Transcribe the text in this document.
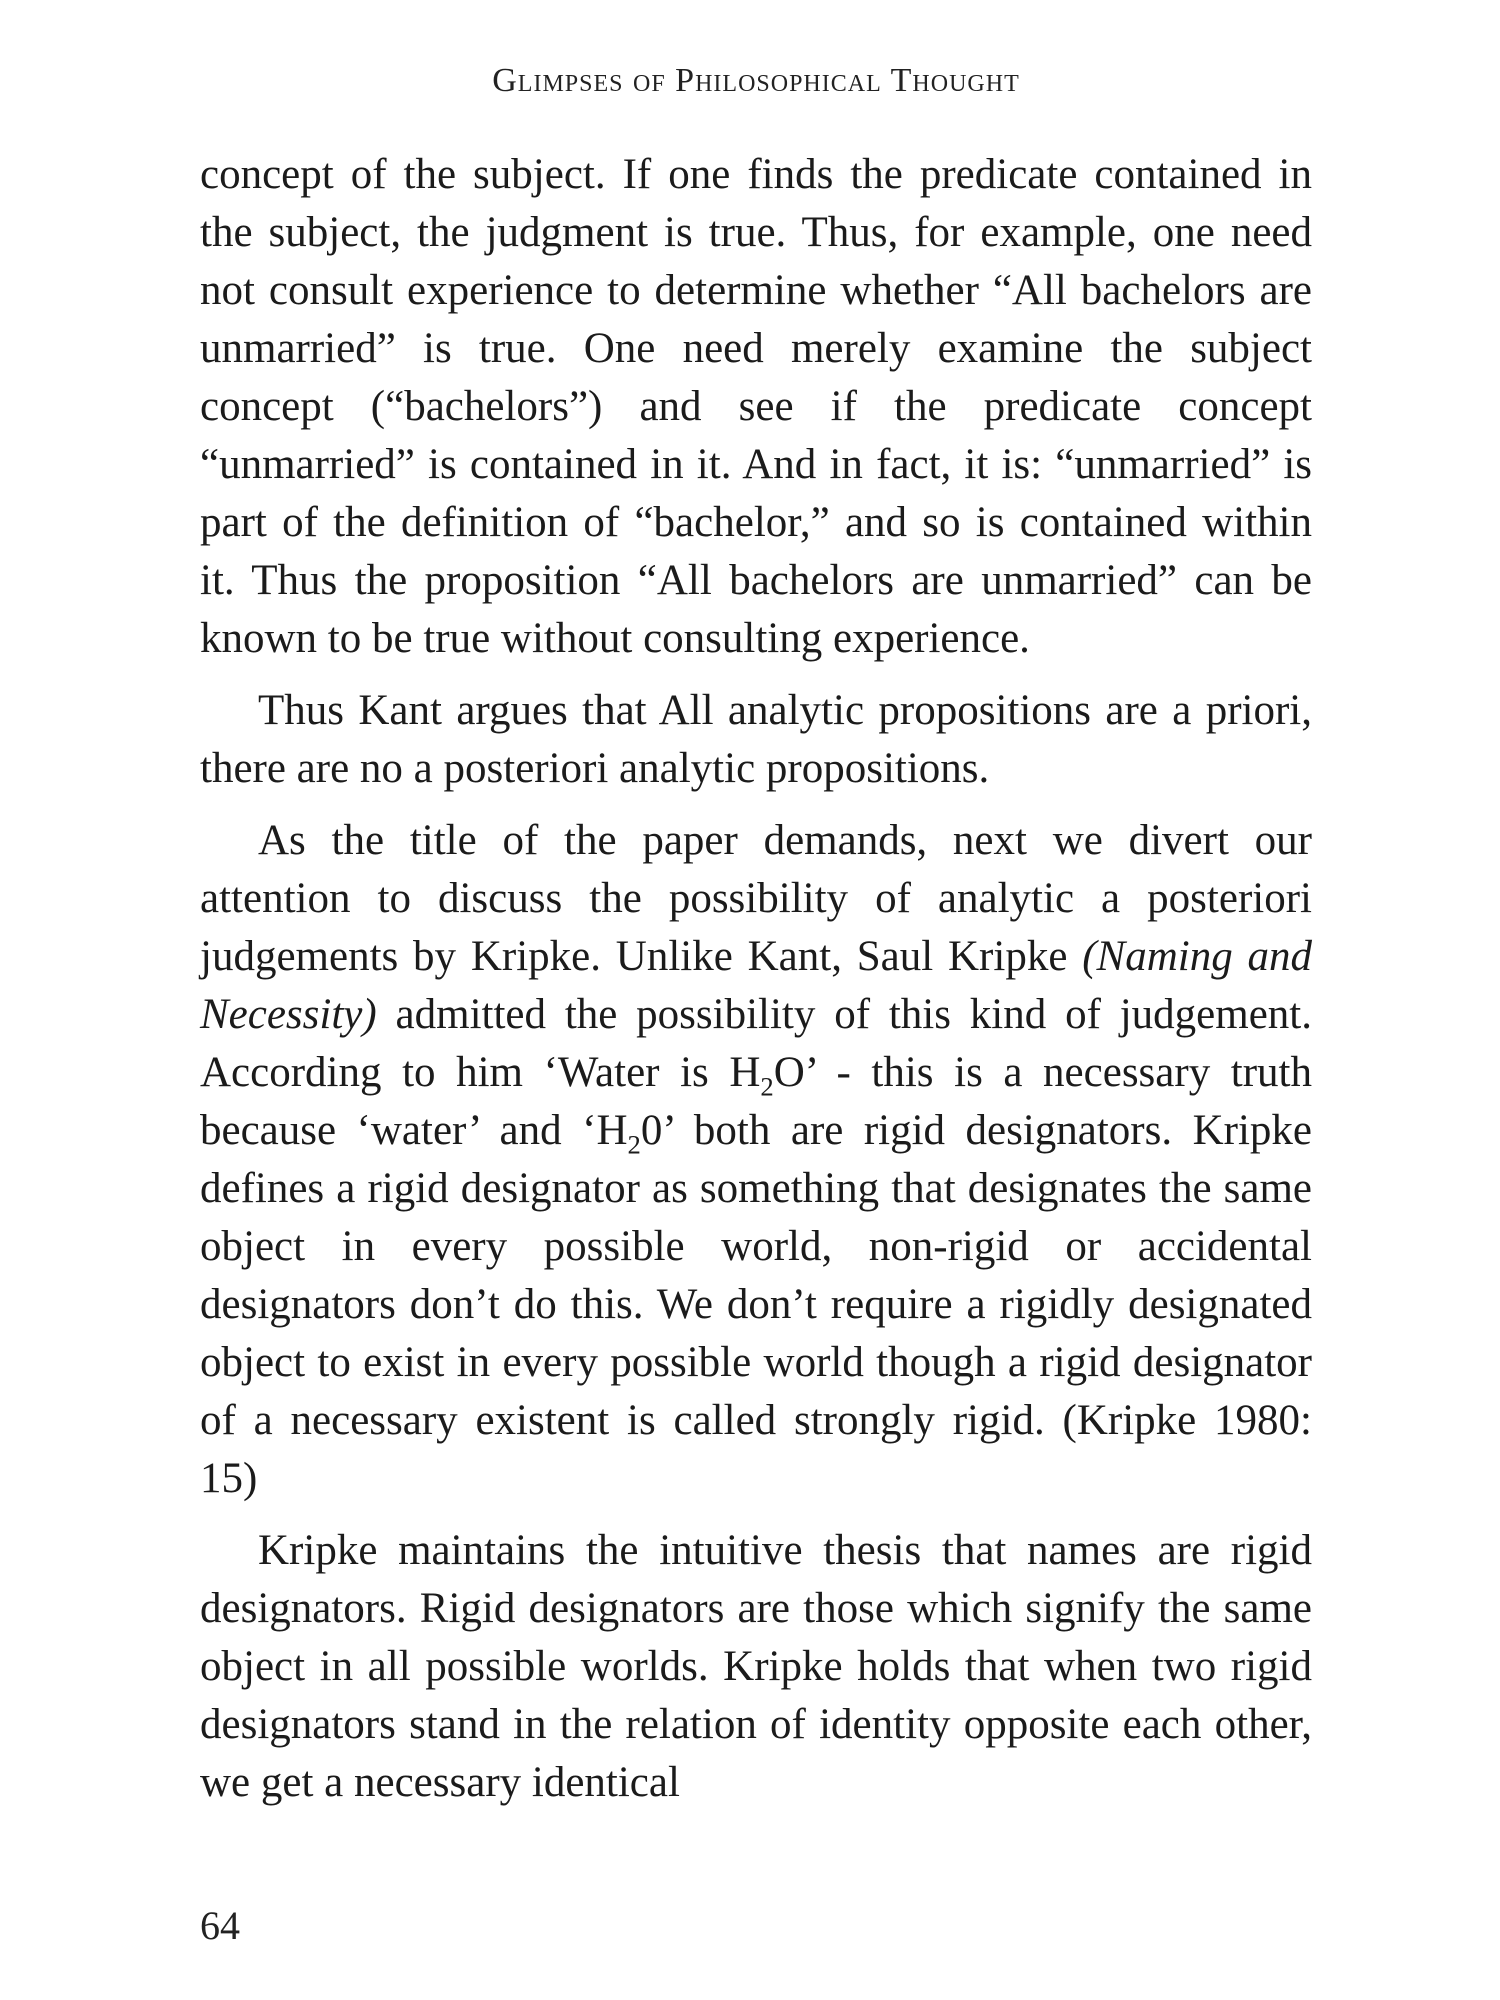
Glimpses of Philosophical Thought

concept of the subject. If one finds the predicate contained in the subject, the judgment is true. Thus, for example, one need not consult experience to determine whether “All bachelors are unmarried” is true. One need merely examine the subject concept (“bachelors”) and see if the predicate concept “unmarried” is contained in it. And in fact, it is: “unmarried” is part of the definition of “bachelor,” and so is contained within it. Thus the proposition “All bachelors are unmarried” can be known to be true without consulting experience.

Thus Kant argues that All analytic propositions are a priori, there are no a posteriori analytic propositions.

As the title of the paper demands, next we divert our attention to discuss the possibility of analytic a posteriori judgements by Kripke. Unlike Kant, Saul Kripke (Naming and Necessity) admitted the possibility of this kind of judgement. According to him ‘Water is $H_2O$’ - this is a necessary truth because ‘water’ and ‘$H_20$’ both are rigid designators. Kripke defines a rigid designator as something that designates the same object in every possible world, non-rigid or accidental designators don’t do this. We don’t require a rigidly designated object to exist in every possible world though a rigid designator of a necessary existent is called strongly rigid. (Kripke 1980: 15)

Kripke maintains the intuitive thesis that names are rigid designators. Rigid designators are those which signify the same object in all possible worlds. Kripke holds that when two rigid designators stand in the relation of identity opposite each other, we get a necessary identical

64
